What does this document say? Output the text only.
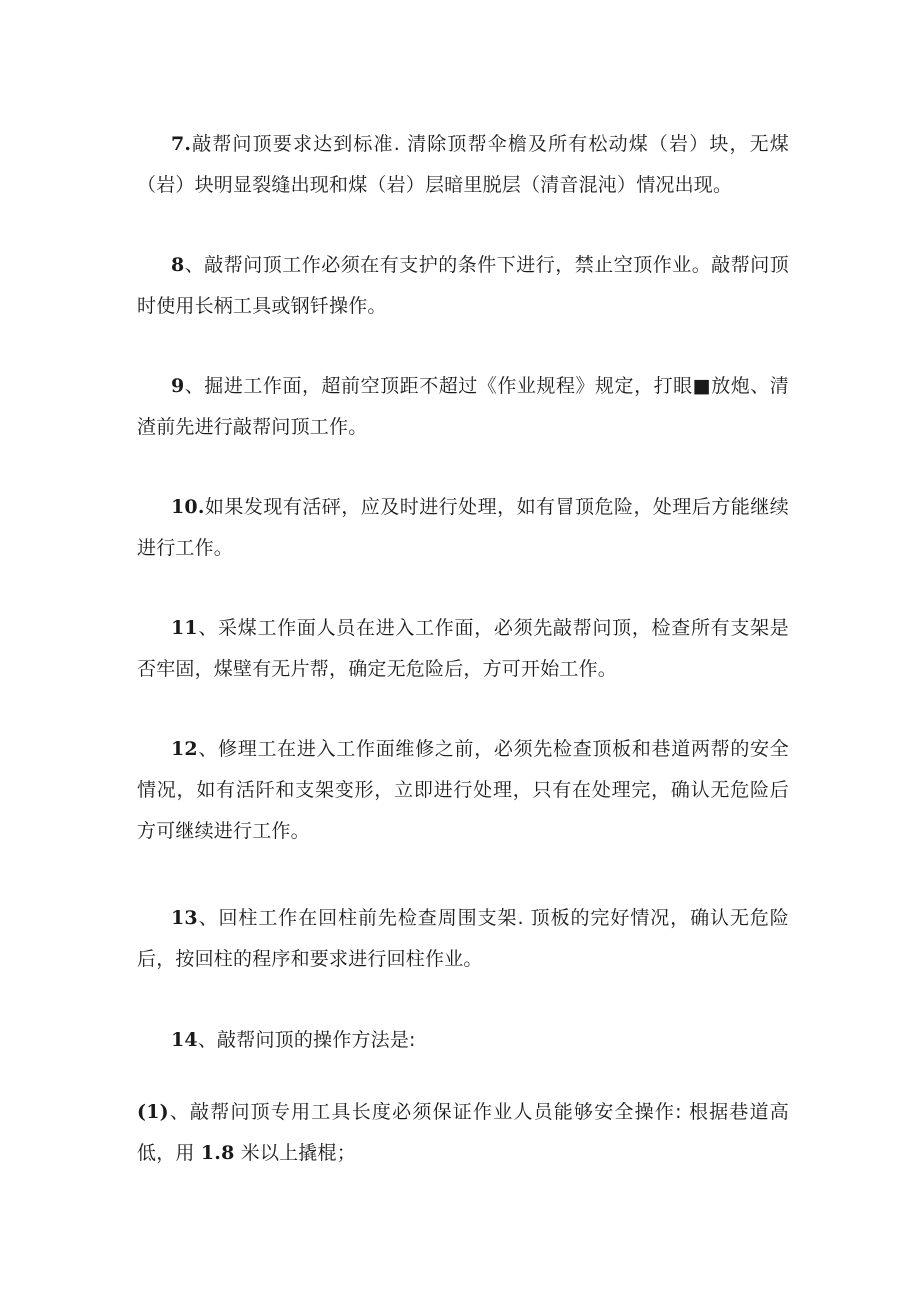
7.敲帮问顶要求达到标准. 清除顶帮伞檐及所有松动煤（岩）块，无煤（岩）块明显裂缝出现和煤（岩）层暗里脱层（清音混沌）情况出现。

8、敲帮问顶工作必须在有支护的条件下进行，禁止空顶作业。敲帮问顶时使用长柄工具或钢钎操作。

9、掘进工作面，超前空顶距不超过《作业规程》规定，打眼■放炮、清渣前先进行敲帮问顶工作。

10.如果发现有活砰，应及时进行处理，如有冒顶危险，处理后方能继续进行工作。

11、采煤工作面人员在进入工作面，必须先敲帮问顶，检查所有支架是否牢固，煤壁有无片帮，确定无危险后，方可开始工作。

12、修理工在进入工作面维修之前，必须先检查顶板和巷道两帮的安全情况，如有活阡和支架变形，立即进行处理，只有在处理完，确认无危险后方可继续进行工作。

13、回柱工作在回柱前先检查周围支架. 顶板的完好情况，确认无危险后，按回柱的程序和要求进行回柱作业。

14、敲帮问顶的操作方法是:

(1)、敲帮问顶专用工具长度必须保证作业人员能够安全操作: 根据巷道高低，用 1.8 米以上撬棍；
